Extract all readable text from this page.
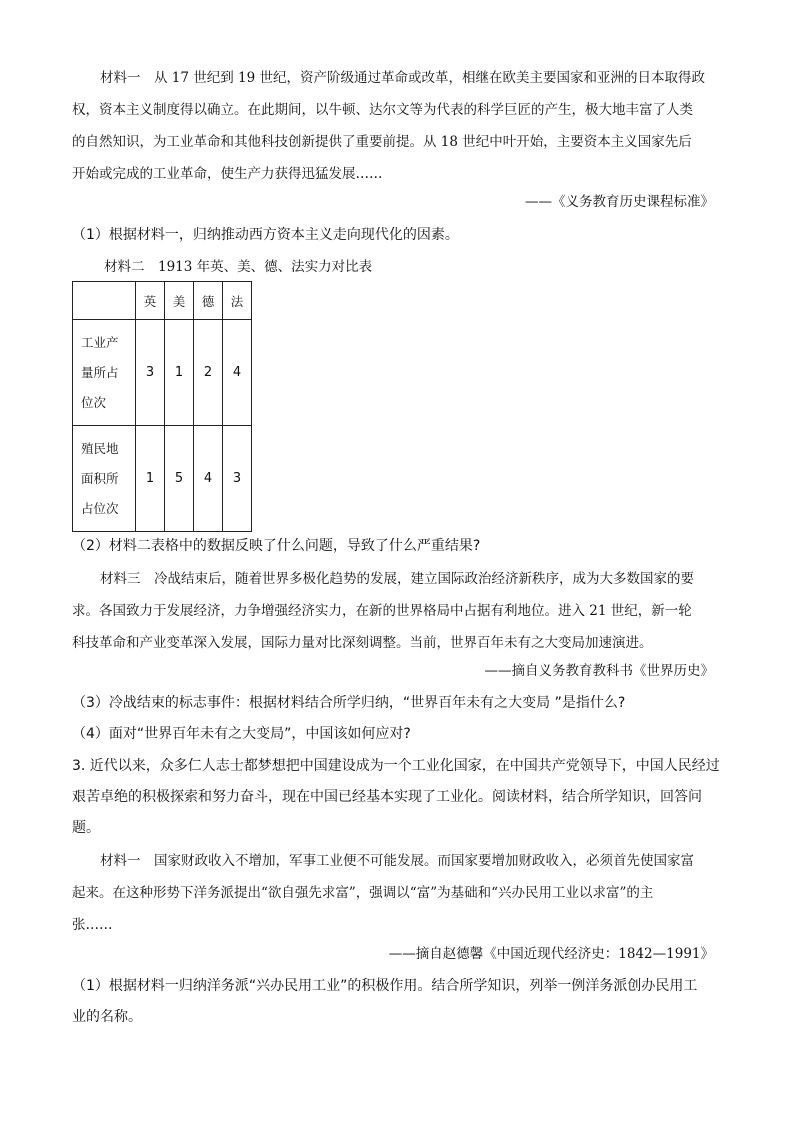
材料一　从 17 世纪到 19 世纪，资产阶级通过革命或改革，相继在欧美主要国家和亚洲的日本取得政
权，资本主义制度得以确立。在此期间，以牛顿、达尔文等为代表的科学巨匠的产生，极大地丰富了人类
的自然知识，为工业革命和其他科技创新提供了重要前提。从 18 世纪中叶开始，主要资本主义国家先后
开始或完成的工业革命，使生产力获得迅猛发展……
——《义务教育历史课程标准》
（1）根据材料一，归纳推动西方资本主义走向现代化的因素。
材料二　1913 年英、美、德、法实力对比表
	英	美	德	法

工业产
量所占
位次	3	1	2	4

殖民地
面积所
占位次	1	5	4	3
（2）材料二表格中的数据反映了什么问题，导致了什么严重结果?
材料三　冷战结束后，随着世界多极化趋势的发展，建立国际政治经济新秩序，成为大多数国家的要
求。各国致力于发展经济，力争增强经济实力，在新的世界格局中占据有利地位。进入 21 世纪，新一轮
科技革命和产业变革深入发展，国际力量对比深刻调整。当前，世界百年未有之大变局加速演进。
——摘自义务教育教科书《世界历史》
（3）冷战结束的标志事件：根据材料结合所学归纳，“世界百年未有之大变局 ”是指什么?
（4）面对“世界百年未有之大变局”，中国该如何应对?
3. 近代以来，众多仁人志士都梦想把中国建设成为一个工业化国家，在中国共产党领导下，中国人民经过
艰苦卓绝的积极探索和努力奋斗，现在中国已经基本实现了工业化。阅读材料，结合所学知识，回答问
题。
材料一　国家财政收入不增加，军事工业便不可能发展。而国家要增加财政收入，必须首先使国家富
起来。在这种形势下洋务派提出“欲自强先求富”，强调以“富”为基础和“兴办民用工业以求富”的主
张……
——摘自赵德馨《中国近现代经济史：1842—1991》
（1）根据材料一归纳洋务派“兴办民用工业”的积极作用。结合所学知识，列举一例洋务派创办民用工
业的名称。
